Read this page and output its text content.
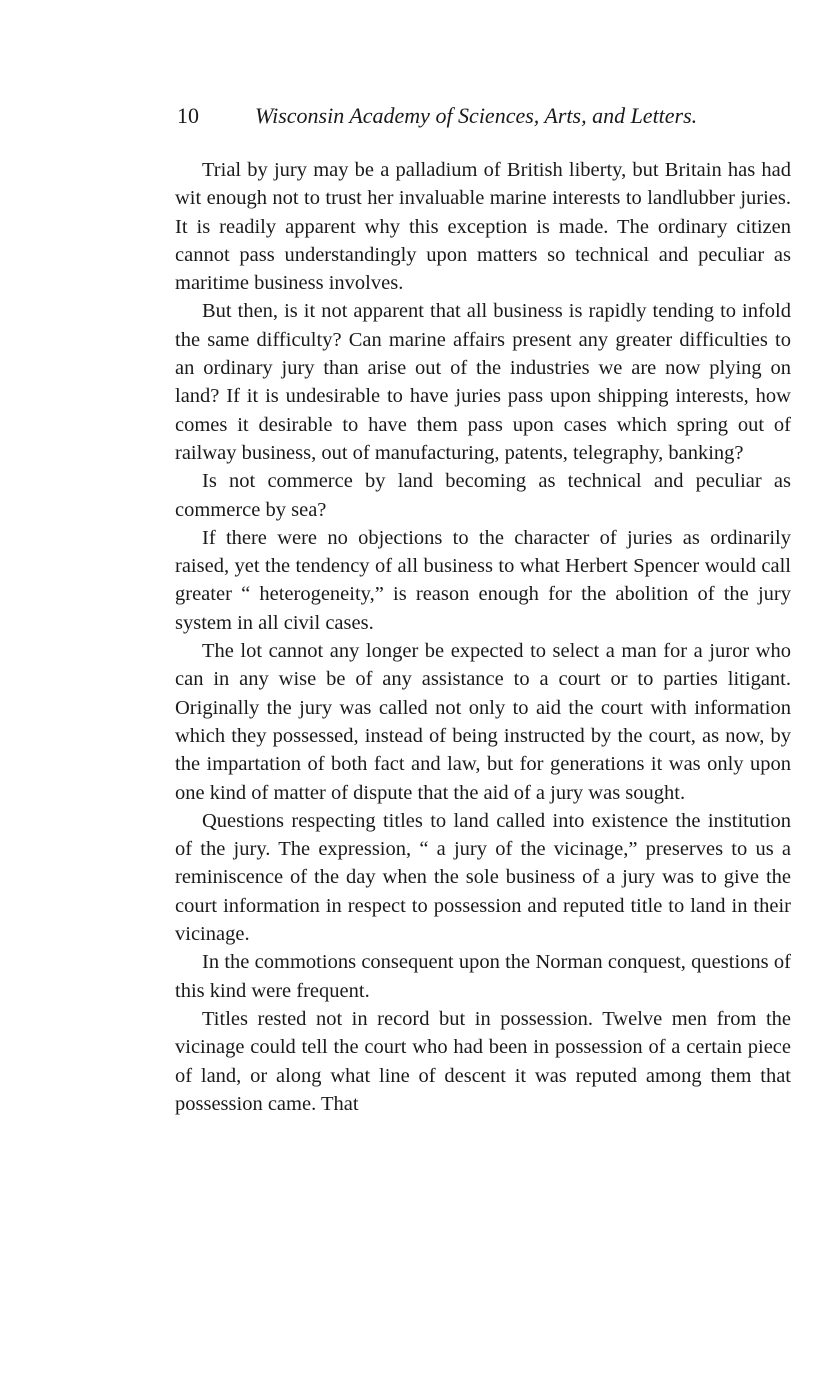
10	Wisconsin Academy of Sciences, Arts, and Letters.

Trial by jury may be a palladium of British liberty, but Britain has had wit enough not to trust her invaluable marine interests to landlubber juries. It is readily apparent why this exception is made. The ordinary citizen cannot pass understandingly upon matters so technical and peculiar as maritime business involves.

But then, is it not apparent that all business is rapidly tending to infold the same difficulty? Can marine affairs present any greater difficulties to an ordinary jury than arise out of the industries we are now plying on land? If it is undesirable to have juries pass upon shipping interests, how comes it desirable to have them pass upon cases which spring out of railway business, out of manufacturing, patents, telegraphy, banking?

Is not commerce by land becoming as technical and peculiar as commerce by sea?

If there were no objections to the character of juries as ordinarily raised, yet the tendency of all business to what Herbert Spencer would call greater “ heterogeneity,” is reason enough for the abolition of the jury system in all civil cases.

The lot cannot any longer be expected to select a man for a juror who can in any wise be of any assistance to a court or to parties litigant. Originally the jury was called not only to aid the court with information which they possessed, instead of being instructed by the court, as now, by the impartation of both fact and law, but for generations it was only upon one kind of matter of dispute that the aid of a jury was sought.

Questions respecting titles to land called into existence the institution of the jury. The expression, “ a jury of the vicinage,” preserves to us a reminiscence of the day when the sole business of a jury was to give the court information in respect to possession and reputed title to land in their vicinage.

In the commotions consequent upon the Norman conquest, questions of this kind were frequent.

Titles rested not in record but in possession. Twelve men from the vicinage could tell the court who had been in possession of a certain piece of land, or along what line of descent it was reputed among them that possession came. That
